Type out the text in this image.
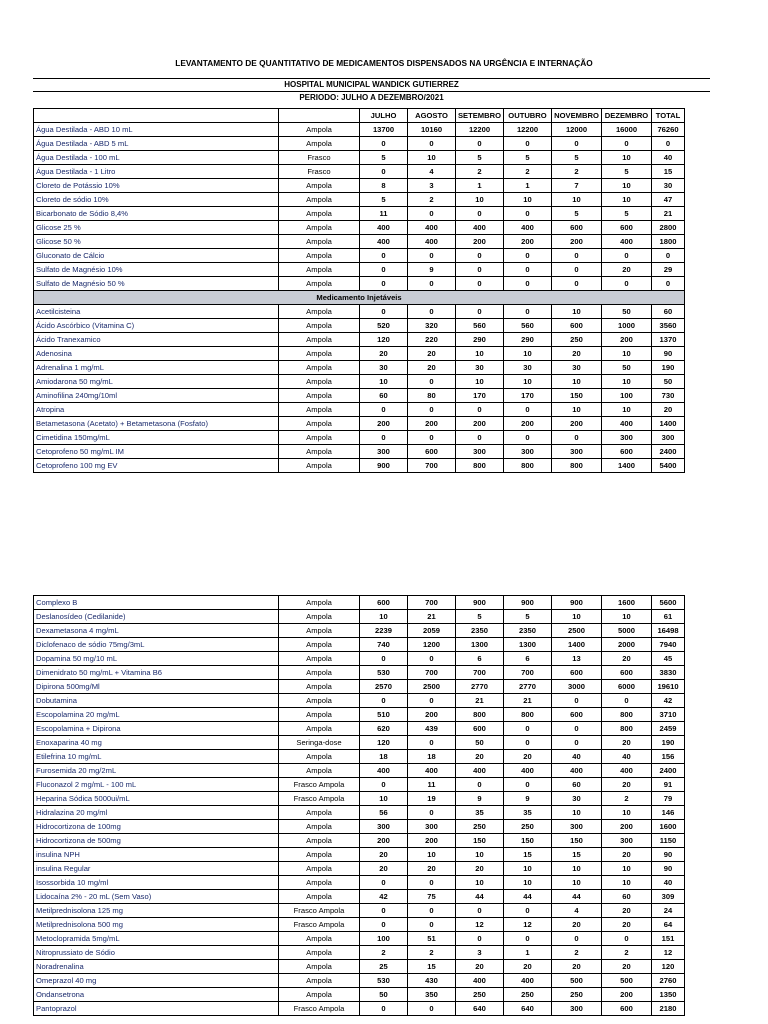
LEVANTAMENTO DE QUANTITATIVO DE MEDICAMENTOS DISPENSADOS NA URGÊNCIA E INTERNAÇÃO
HOSPITAL MUNICIPAL WANDICK GUTIERREZ
PERIODO: JULHO A DEZEMBRO/2021
		JULHO	AGOSTO	SETEMBRO	OUTUBRO	NOVEMBRO	DEZEMBRO	TOTAL
Água Destilada - ABD 10 mL	Ampola	13700	10160	12200	12200	12000	16000	76260
Água Destilada - ABD 5 mL	Ampola	0	0	0	0	0	0	0
Água Destilada - 100 mL	Frasco	5	10	5	5	5	10	40
Água Destilada - 1 Litro	Frasco	0	4	2	2	2	5	15
Cloreto de Potássio 10%	Ampola	8	3	1	1	7	10	30
Cloreto de sódio 10%	Ampola	5	2	10	10	10	10	47
Bicarbonato de Sódio 8,4%	Ampola	11	0	0	0	5	5	21
Glicose 25 %	Ampola	400	400	400	400	600	600	2800
Glicose 50 %	Ampola	400	400	200	200	200	400	1800
Gluconato de Cálcio	Ampola	0	0	0	0	0	0	0
Sulfato de Magnésio 10%	Ampola	0	9	0	0	0	20	29
Sulfato de Magnésio 50 %	Ampola	0	0	0	0	0	0	0
Medicamento Injetáveis								
Acetilcisteina	Ampola	0	0	0	0	10	50	60
Ácido Ascórbico (Vitamina C)	Ampola	520	320	560	560	600	1000	3560
Ácido Tranexamico	Ampola	120	220	290	290	250	200	1370
Adenosina	Ampola	20	20	10	10	20	10	90
Adrenalina 1 mg/mL	Ampola	30	20	30	30	30	50	190
Amiodarona 50 mg/mL	Ampola	10	0	10	10	10	10	50
Aminofilina 240mg/10ml	Ampola	60	80	170	170	150	100	730
Atropina	Ampola	0	0	0	0	10	10	20
Betametasona (Acetato) + Betametasona (Fosfato)	Ampola	200	200	200	200	200	400	1400
Cimetidina 150mg/mL	Ampola	0	0	0	0	0	300	300
Cetoprofeno 50 mg/mL IM	Ampola	300	600	300	300	300	600	2400
Cetoprofeno 100 mg EV	Ampola	900	700	800	800	800	1400	5400
Complexo B	Ampola	600	700	900	900	900	1600	5600
Deslanosídeo (Cedilanide)	Ampola	10	21	5	5	10	10	61
Dexametasona 4 mg/mL	Ampola	2239	2059	2350	2350	2500	5000	16498
Diclofenaco de sódio 75mg/3mL	Ampola	740	1200	1300	1300	1400	2000	7940
Dopamina 50 mg/10 mL	Ampola	0	0	6	6	13	20	45
Dimenidrato 50 mg/mL + Vitamina B6	Ampola	530	700	700	700	600	600	3830
Dipirona 500mg/Ml	Ampola	2570	2500	2770	2770	3000	6000	19610
Dobutamina	Ampola	0	0	21	21	0	0	42
Escopolamina 20 mg/mL	Ampola	510	200	800	800	600	800	3710
Escopolamina + Dipirona	Ampola	620	439	600	0	0	800	2459
Enoxaparina 40 mg	Seringa-dose	120	0	50	0	0	20	190
Etilefrina 10 mg/mL	Ampola	18	18	20	20	40	40	156
Furosemida 20 mg/2mL	Ampola	400	400	400	400	400	400	2400
Fluconazol 2 mg/mL - 100 mL	Frasco Ampola	0	11	0	0	60	20	91
Heparina Sódica 5000ui/mL	Frasco Ampola	10	19	9	9	30	2	79
Hidralazina 20 mg/ml	Ampola	56	0	35	35	10	10	146
Hidrocortizona de 100mg	Ampola	300	300	250	250	300	200	1600
Hidrocortizona de 500mg	Ampola	200	200	150	150	150	300	1150
insulina NPH	Ampola	20	10	10	15	15	20	90
insulina Regular	Ampola	20	20	20	10	10	10	90
Isossorbida 10 mg/ml	Ampola	0	0	10	10	10	10	40
Lidocaína 2% - 20 mL (Sem Vaso)	Ampola	42	75	44	44	44	60	309
Metilprednisolona 125 mg	Frasco Ampola	0	0	0	0	4	20	24
Metilprednisolona 500 mg	Frasco Ampola	0	0	12	12	20	20	64
Metoclopramida 5mg/mL	Ampola	100	51	0	0	0	0	151
Nitroprussiato de Sódio	Ampola	2	2	3	1	2	2	12
Noradrenalina	Ampola	25	15	20	20	20	20	120
Omeprazol 40 mg	Ampola	530	430	400	400	500	500	2760
Ondansetrona	Ampola	50	350	250	250	250	200	1350
Pantoprazol	Frasco Ampola	0	0	640	640	300	600	2180
